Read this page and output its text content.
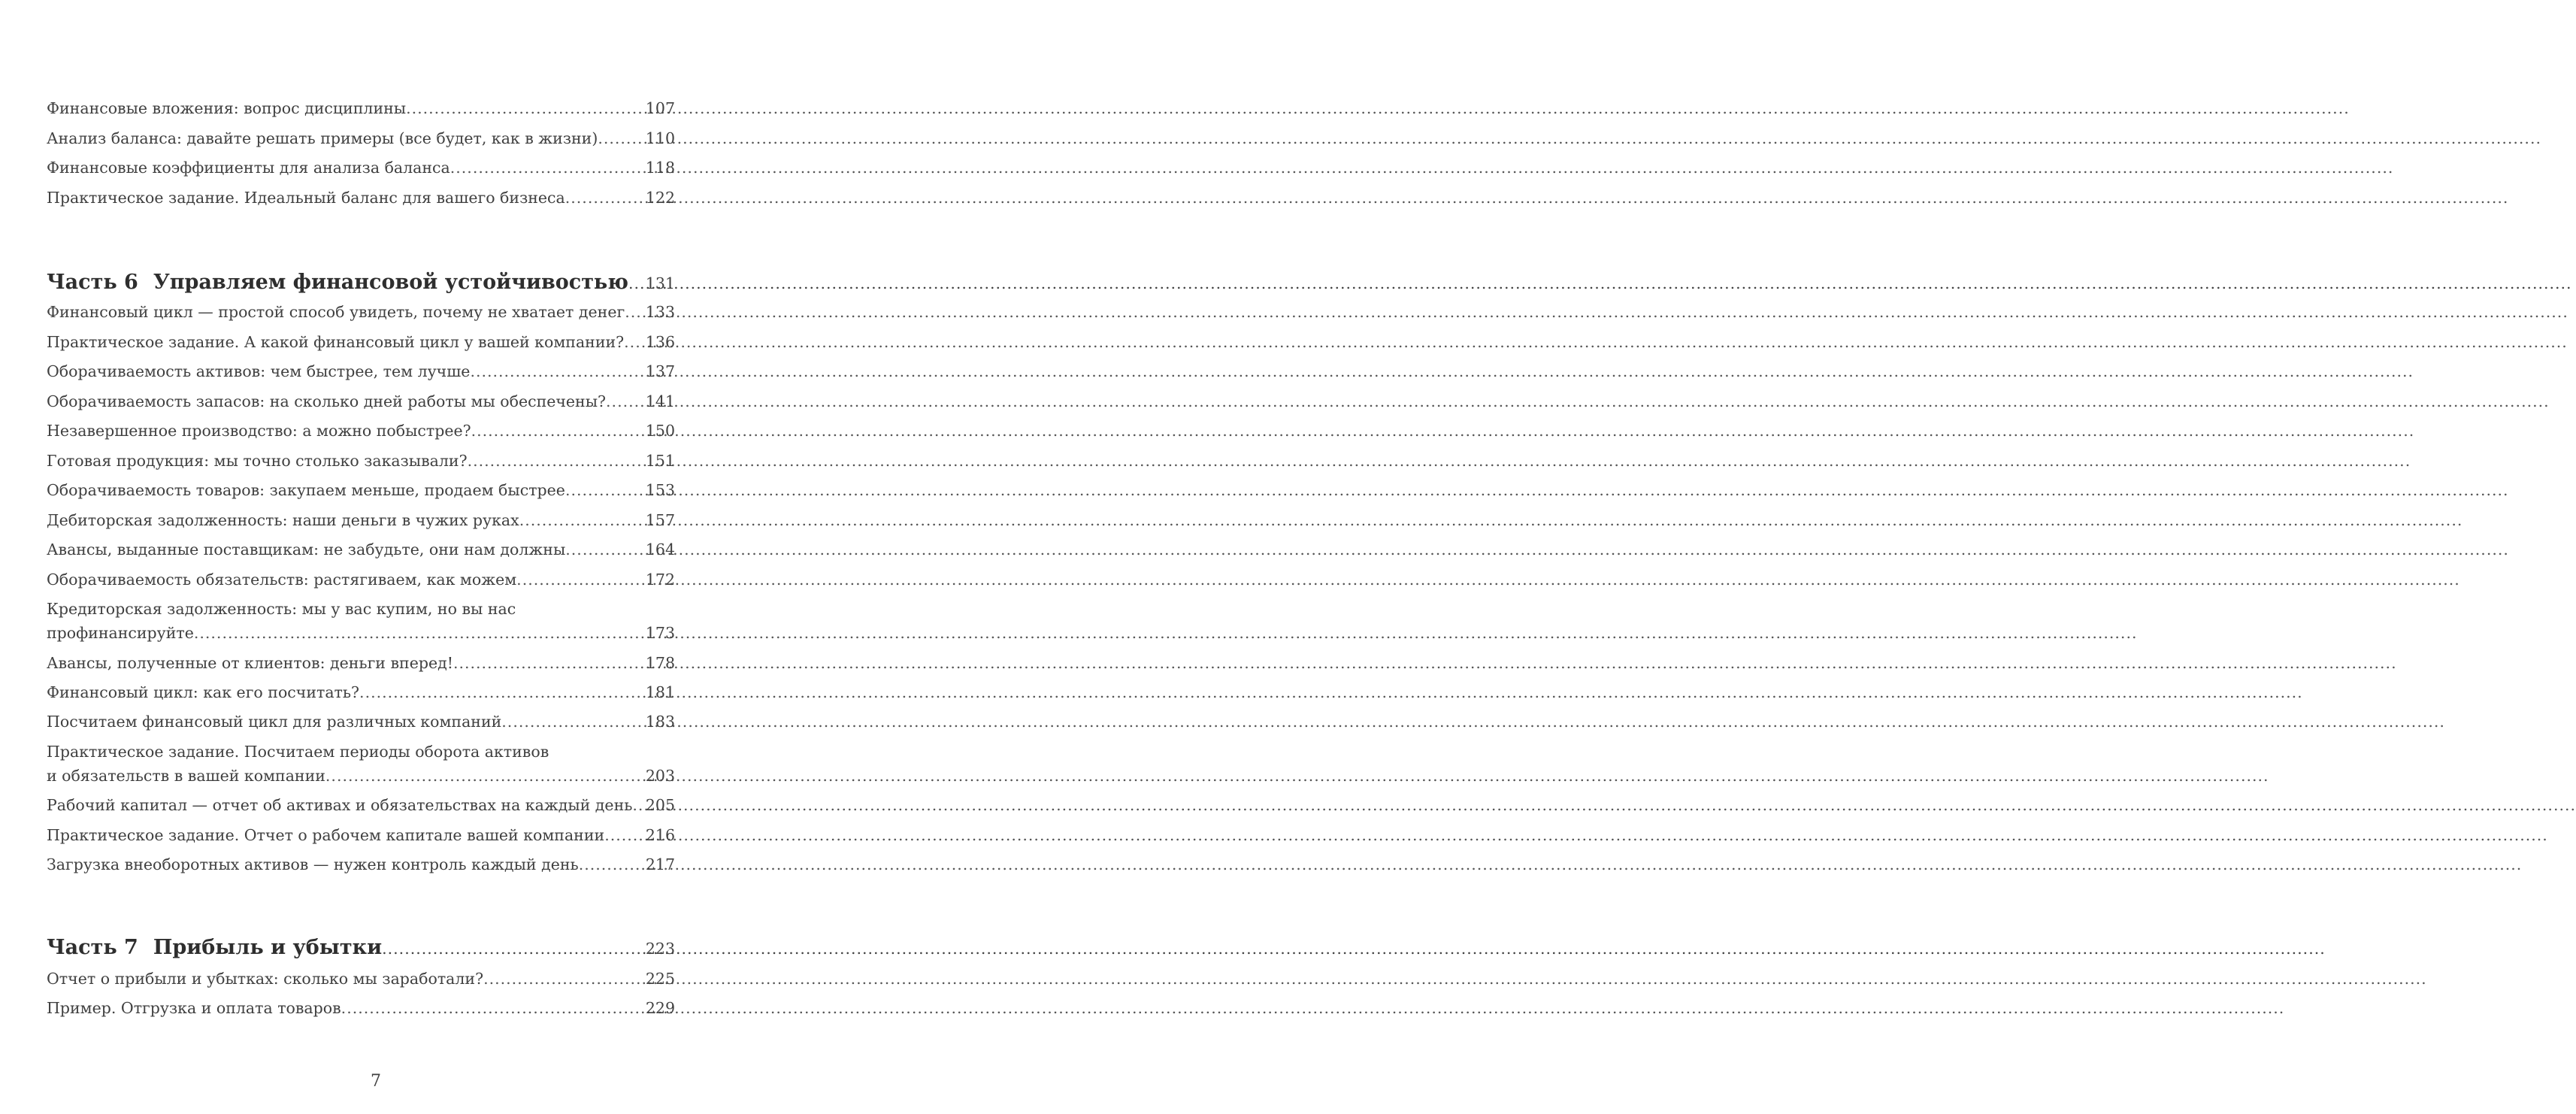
Финансовые вложения: вопрос дисциплины .....	107
Анализ баланса: давайте решать примеры (все будет, как в жизни) .....	110
Финансовые коэффициенты для анализа баланса .....	118
Практическое задание. Идеальный баланс для вашего бизнеса .....	122
Часть 6 Управляем финансовой устойчивостью ..... 131
Финансовый цикл — простой способ увидеть, почему не хватает денег ..... 133
Практическое задание. А какой финансовый цикл у вашей компании? ..... 136
Оборачиваемость активов: чем быстрее, тем лучше .....	137
Оборачиваемость запасов: на сколько дней работы мы обеспечены? .....	141
Незавершенное производство: а можно побыстрее? .....	150
Готовая продукция: мы точно столько заказывали? .....	151
Оборачиваемость товаров: закупаем меньше, продаем быстрее .....	153
Дебиторская задолженность: наши деньги в чужих руках .....	157
Авансы, выданные поставщикам: не забудьте, они нам должны .....	164
Оборачиваемость обязательств: растягиваем, как можем .....	172
Кредиторская задолженность: мы у вас купим, но вы нас
профинансируйте .....	173
Авансы, полученные от клиентов: деньги вперед! .....	178
Финансовый цикл: как его посчитать? .....	181
Посчитаем финансовый цикл для различных компаний .....	183
Практическое задание. Посчитаем периоды оборота активов
и обязательств в вашей компании .....	203
Рабочий капитал — отчет об активах и обязательствах на каждый день ..... 205
Практическое задание. Отчет о рабочем капитале вашей компании .....	216
Загрузка внеоборотных активов — нужен контроль каждый день .....	217
Часть 7 Прибыль и убытки .....	223
Отчет о прибыли и убытках: сколько мы заработали? .....	225
Пример. Отгрузка и оплата товаров .....	229
7
